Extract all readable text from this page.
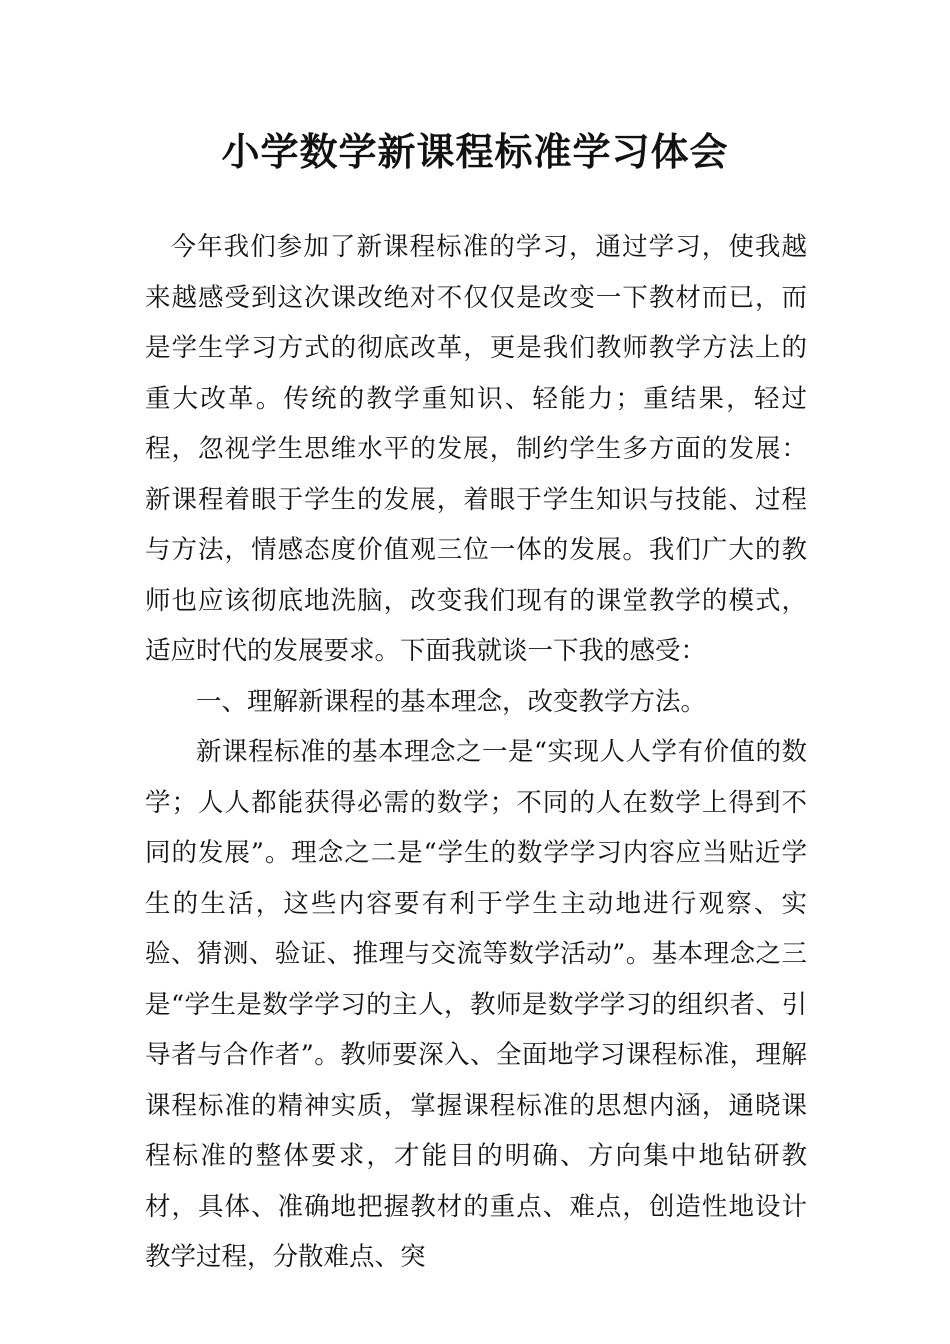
小学数学新课程标准学习体会

今年我们参加了新课程标准的学习，通过学习，使我越来越感受到这次课改绝对不仅仅是改变一下教材而已，而是学生学习方式的彻底改革，更是我们教师教学方法上的重大改革。传统的教学重知识、轻能力；重结果，轻过程，忽视学生思维水平的发展，制约学生多方面的发展：新课程着眼于学生的发展，着眼于学生知识与技能、过程与方法，情感态度价值观三位一体的发展。我们广大的教师也应该彻底地洗脑，改变我们现有的课堂教学的模式，适应时代的发展要求。下面我就谈一下我的感受：

一、理解新课程的基本理念，改变教学方法。

新课程标准的基本理念之一是“实现人人学有价值的数学；人人都能获得必需的数学；不同的人在数学上得到不同的发展”。理念之二是“学生的数学学习内容应当贴近学生的生活，这些内容要有利于学生主动地进行观察、实验、猜测、验证、推理与交流等数学活动”。基本理念之三是“学生是数学学习的主人，教师是数学学习的组织者、引导者与合作者”。教师要深入、全面地学习课程标准，理解课程标准的精神实质，掌握课程标准的思想内涵，通晓课程标准的整体要求，才能目的明确、方向集中地钻研教材，具体、准确地把握教材的重点、难点，创造性地设计教学过程，分散难点、突
